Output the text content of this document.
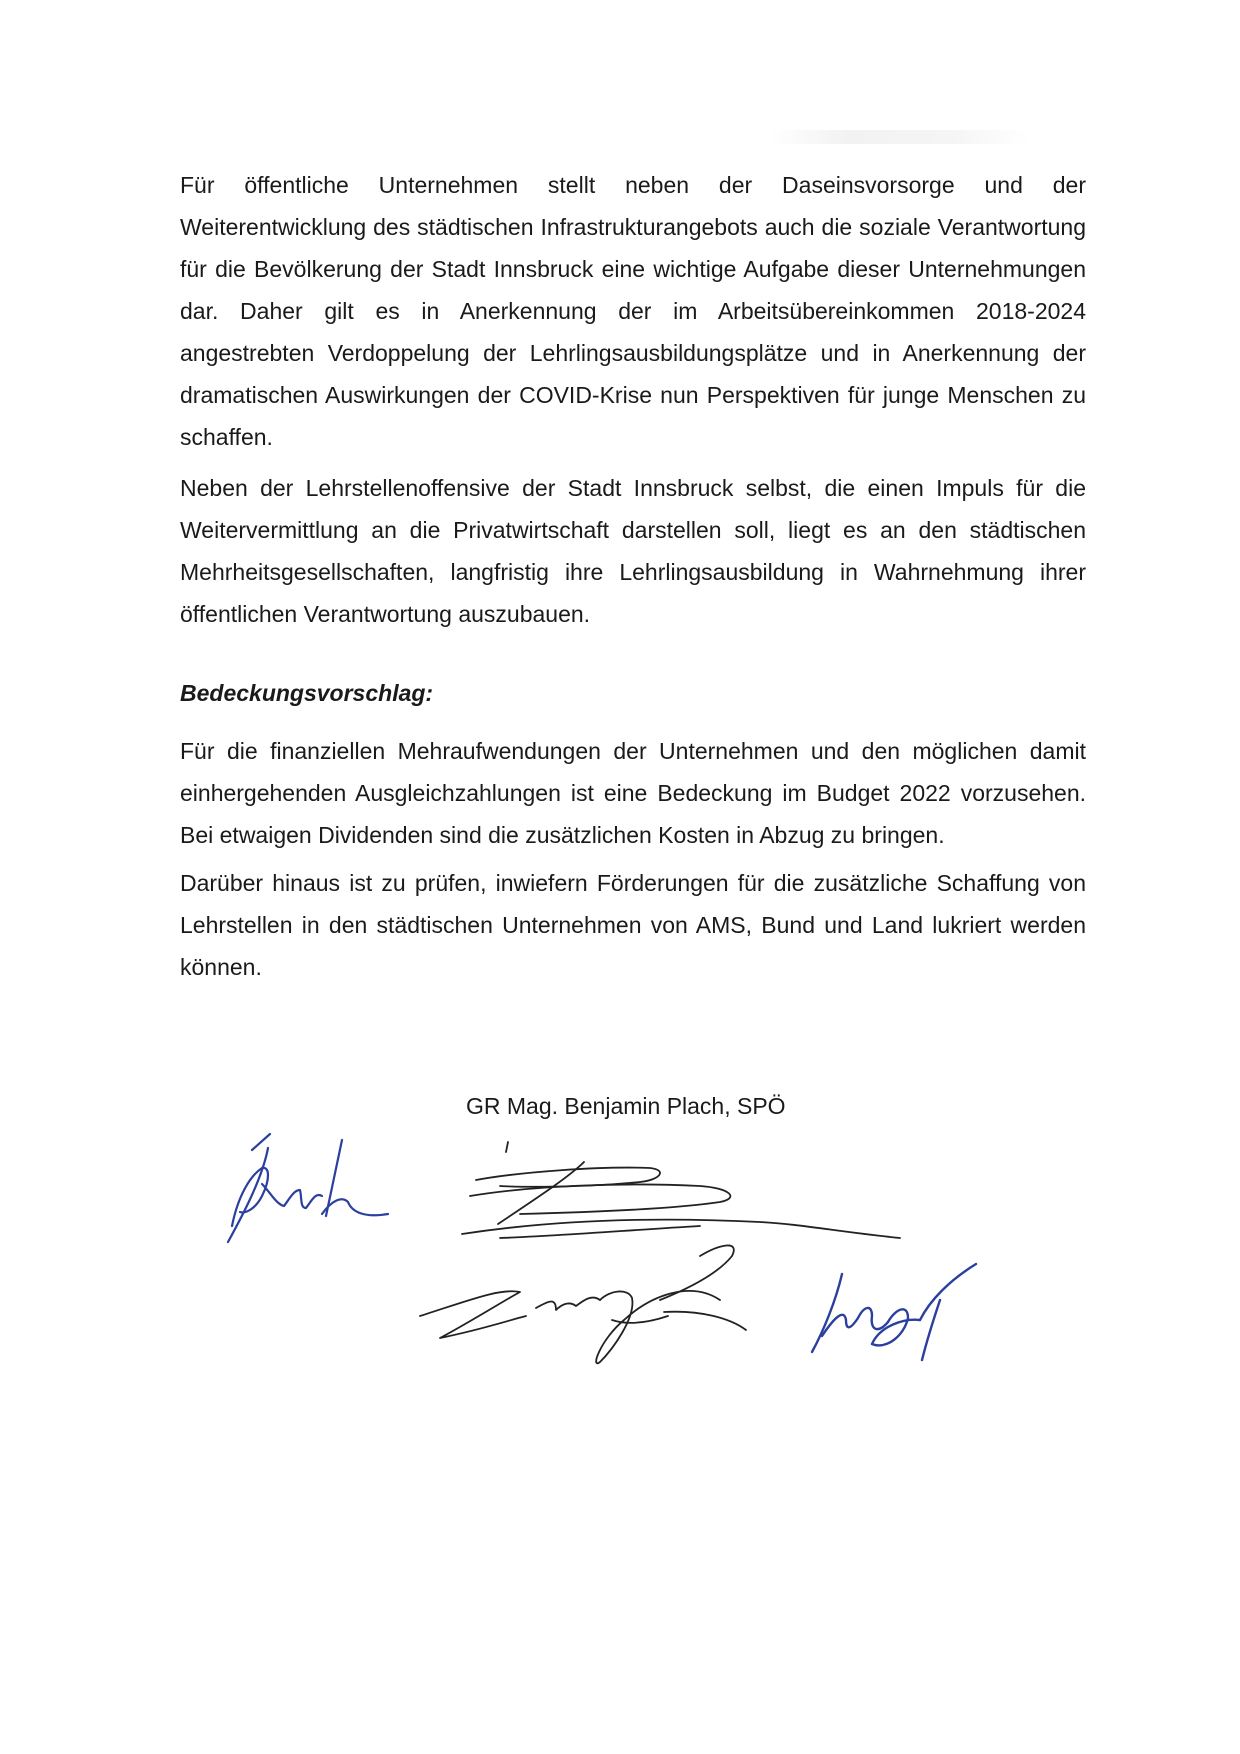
Für öffentliche Unternehmen stellt neben der Daseinsvorsorge und der Weiterentwicklung des städtischen Infrastrukturangebots auch die soziale Verantwortung für die Bevölkerung der Stadt Innsbruck eine wichtige Aufgabe dieser Unternehmungen dar. Daher gilt es in Anerkennung der im Arbeitsübereinkommen 2018-2024 angestrebten Verdoppelung der Lehrlingsausbildungsplätze und in Anerkennung der dramatischen Auswirkungen der COVID-Krise nun Perspektiven für junge Menschen zu schaffen.

Neben der Lehrstellenoffensive der Stadt Innsbruck selbst, die einen Impuls für die Weitervermittlung an die Privatwirtschaft darstellen soll, liegt es an den städtischen Mehrheitsgesellschaften, langfristig ihre Lehrlingsausbildung in Wahrnehmung ihrer öffentlichen Verantwortung auszubauen.

Bedeckungsvorschlag:

Für die finanziellen Mehraufwendungen der Unternehmen und den möglichen damit einhergehenden Ausgleichzahlungen ist eine Bedeckung im Budget 2022 vorzusehen. Bei etwaigen Dividenden sind die zusätzlichen Kosten in Abzug zu bringen.

Darüber hinaus ist zu prüfen, inwiefern Förderungen für die zusätzliche Schaffung von Lehrstellen in den städtischen Unternehmen von AMS, Bund und Land lukriert werden können.

GR Mag. Benjamin Plach, SPÖ
